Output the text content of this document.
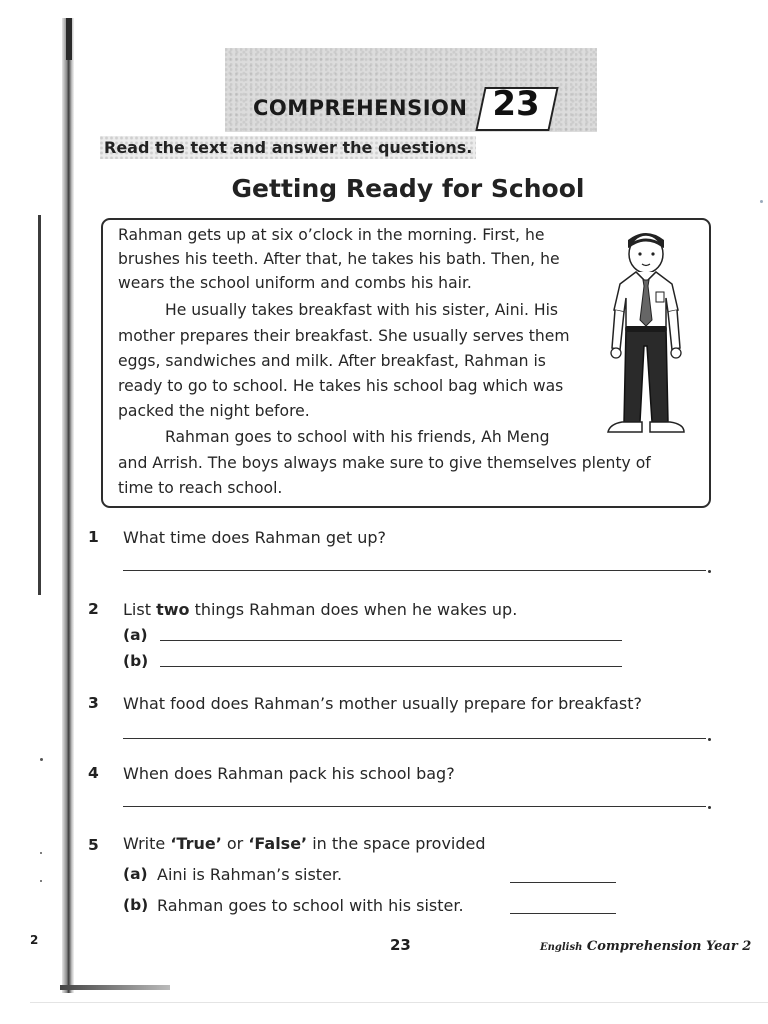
COMPREHENSION 23
Read the text and answer the questions.
Getting Ready for School
Rahman gets up at six o’clock in the morning. First, he
brushes his teeth. After that, he takes his bath. Then, he
wears the school uniform and combs his hair.
He usually takes breakfast with his sister, Aini. His
mother prepares their breakfast. She usually serves them
eggs, sandwiches and milk. After breakfast, Rahman is
ready to go to school. He takes his school bag which was
packed the night before.
Rahman goes to school with his friends, Ah Meng
and Arrish. The boys always make sure to give themselves plenty of
time to reach school.
1 What time does Rahman get up?
2 List two things Rahman does when he wakes up.
(a)
(b)
3 What food does Rahman’s mother usually prepare for breakfast?
4 When does Rahman pack his school bag?
5 Write ‘True’ or ‘False’ in the space provided
(a) Aini is Rahman’s sister.
(b) Rahman goes to school with his sister.
2	23	English Comprehension Year 2
